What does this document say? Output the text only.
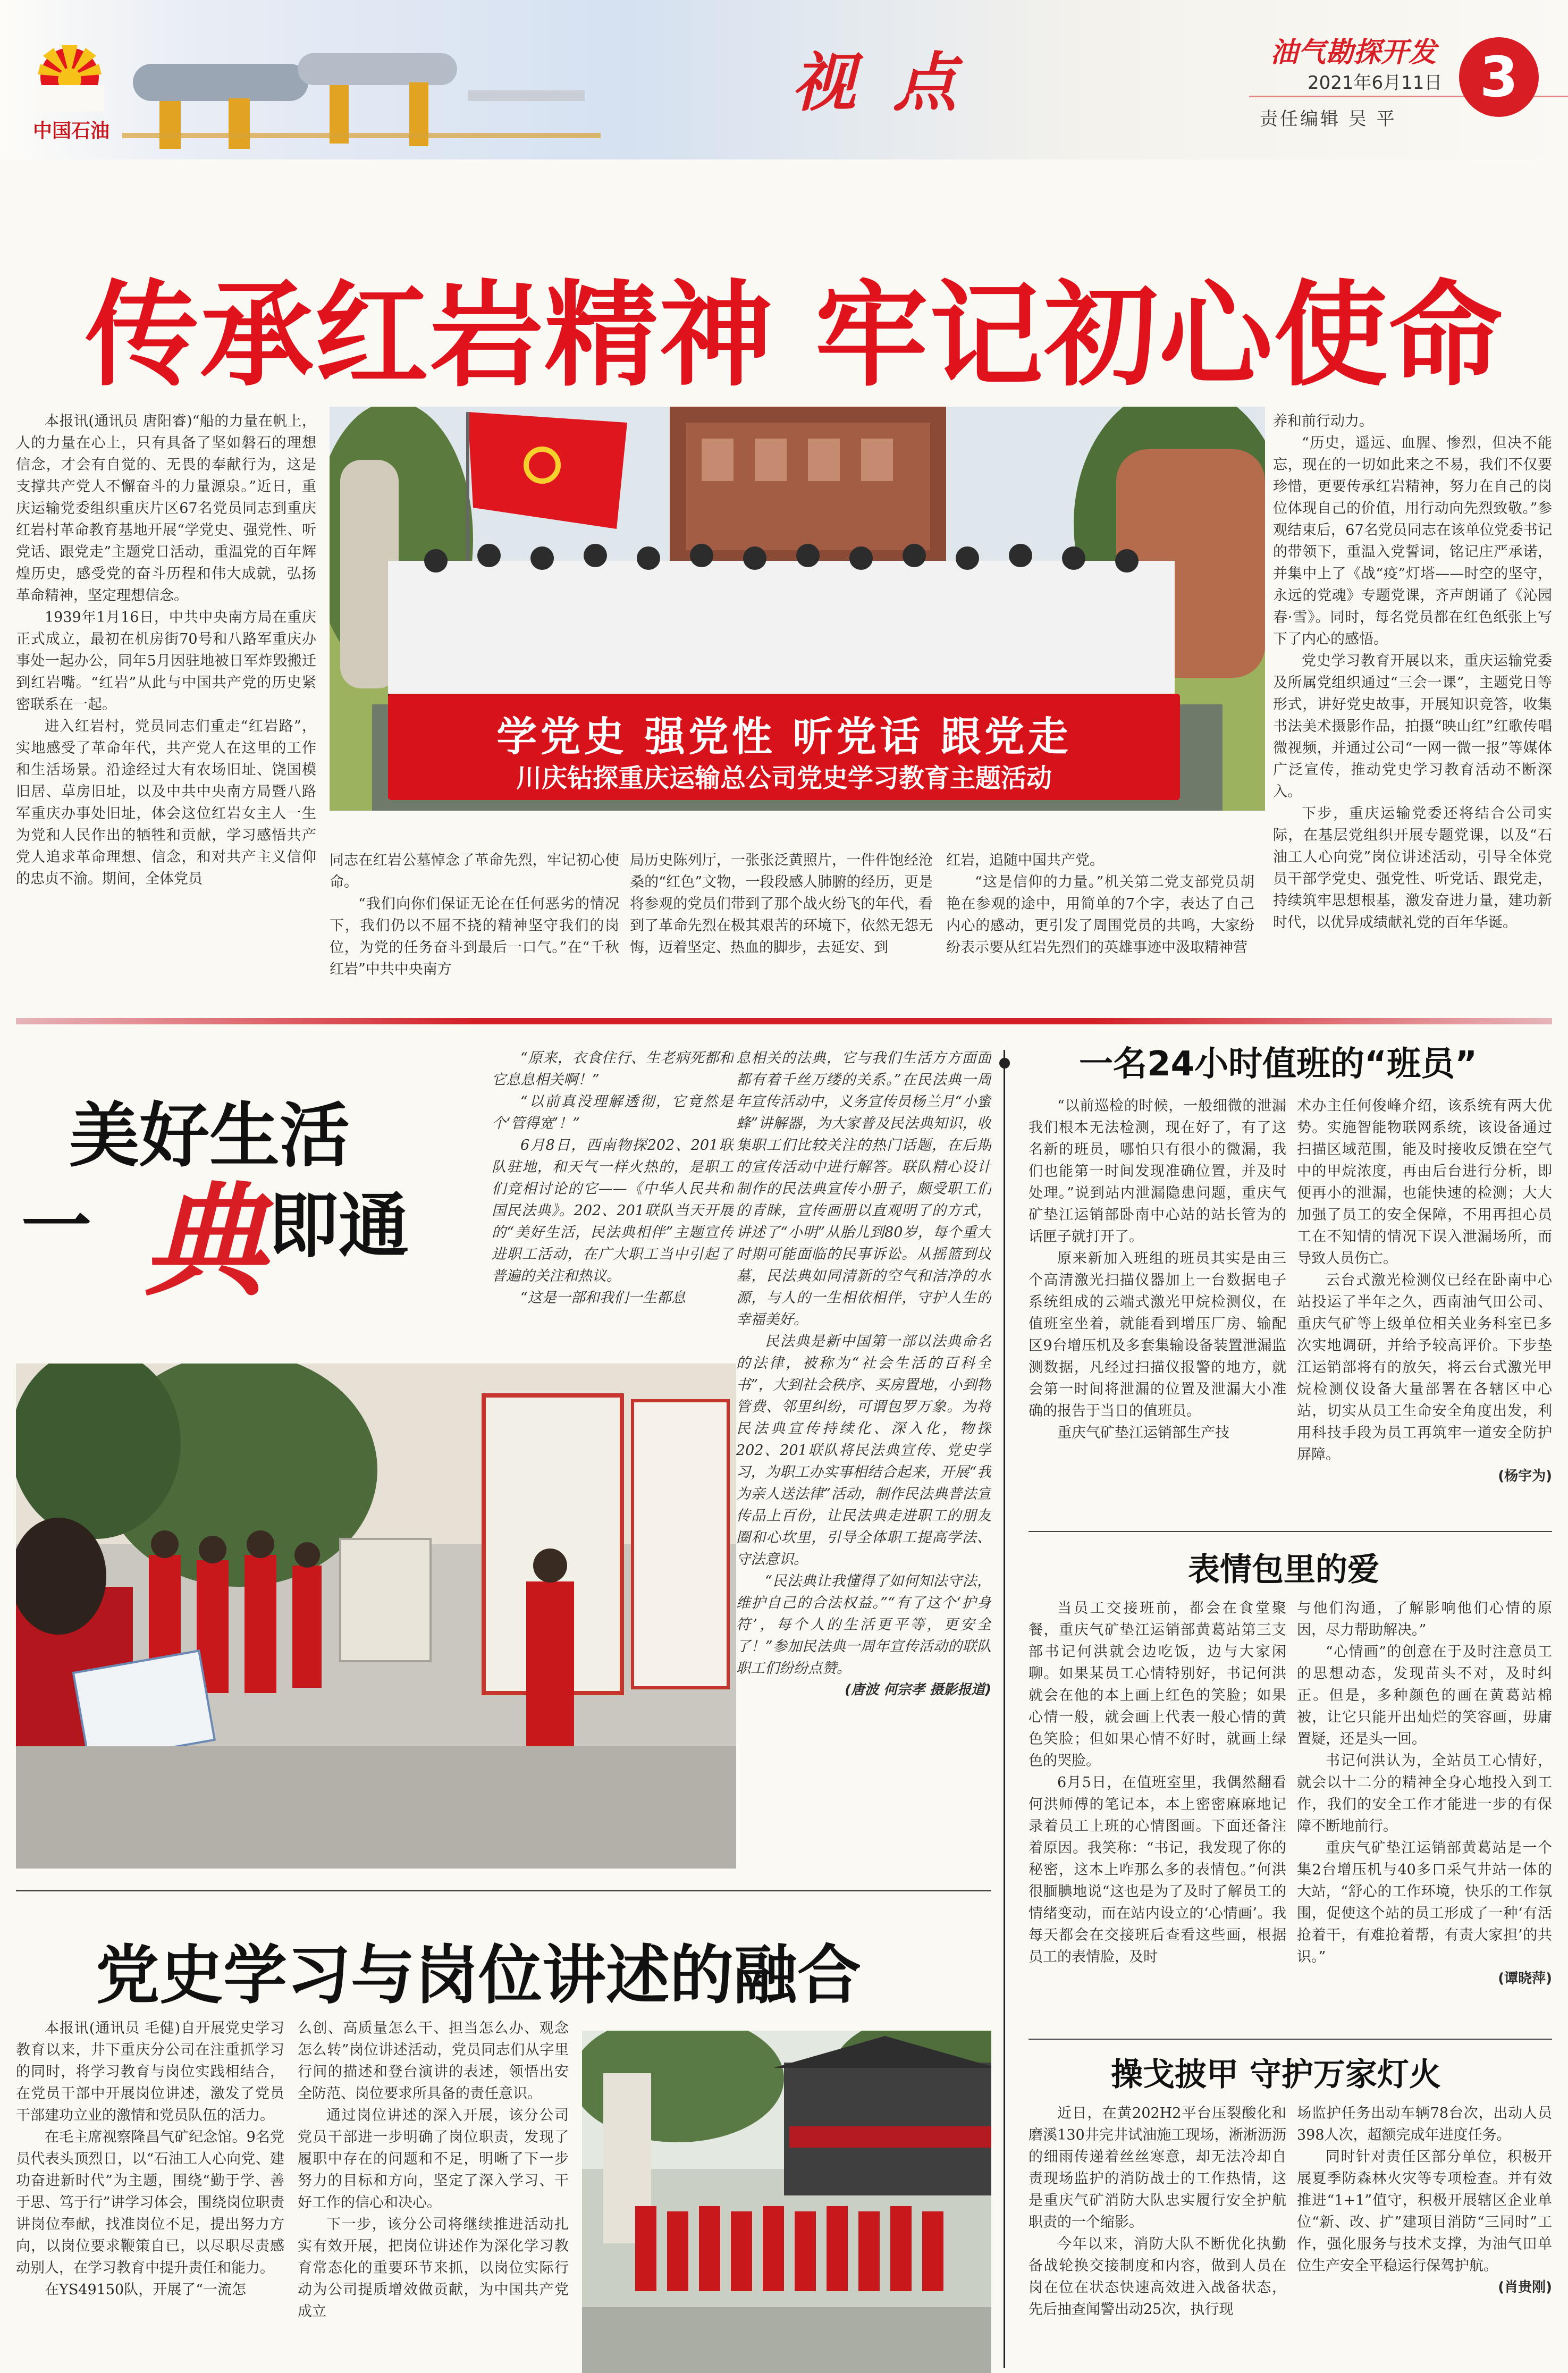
中国石油
视点	油气勘探开发
2021年6月11日
责任编辑 吴 平
3
传承红岩精神 牢记初心使命
学党史 强党性 听党话 跟党走
川庆钻探重庆运输总公司党史学习教育主题活动

本报讯(通讯员 唐阳睿)“船的力量在帆上，人的力量在心上，只有具备了坚如磐石的理想信念，才会有自觉的、无畏的奉献行为，这是支撑共产党人不懈奋斗的力量源泉。”近日，重庆运输党委组织重庆片区67名党员同志到重庆红岩村革命教育基地开展“学党史、强党性、听党话、跟党走”主题党日活动，重温党的百年辉煌历史，感受党的奋斗历程和伟大成就，弘扬革命精神，坚定理想信念。

1939年1月16日，中共中央南方局在重庆正式成立，最初在机房街70号和八路军重庆办事处一起办公，同年5月因驻地被日军炸毁搬迁到红岩嘴。“红岩”从此与中国共产党的历史紧密联系在一起。

进入红岩村，党员同志们重走“红岩路”，实地感受了革命年代，共产党人在这里的工作和生活场景。沿途经过大有农场旧址、饶国模旧居、草房旧址，以及中共中央南方局暨八路军重庆办事处旧址，体会这位红岩女主人一生为党和人民作出的牺牲和贡献，学习感悟共产党人追求革命理想、信念，和对共产主义信仰的忠贞不渝。期间，全体党员

同志在红岩公墓悼念了革命先烈，牢记初心使命。

“我们向你们保证无论在任何恶劣的情况下，我们仍以不屈不挠的精神坚守我们的岗位，为党的任务奋斗到最后一口气。”在“千秋红岩”中共中央南方

局历史陈列厅，一张张泛黄照片，一件件饱经沧桑的“红色”文物，一段段感人肺腑的经历，更是将参观的党员们带到了那个战火纷飞的年代，看到了革命先烈在极其艰苦的环境下，依然无怨无悔，迈着坚定、热血的脚步，去延安、到

红岩，追随中国共产党。

“这是信仰的力量。”机关第二党支部党员胡艳在参观的途中，用简单的7个字，表达了自己内心的感动，更引发了周围党员的共鸣，大家纷纷表示要从红岩先烈们的英雄事迹中汲取精神营

养和前行动力。

“历史，遥远、血腥、惨烈，但决不能忘，现在的一切如此来之不易，我们不仅要珍惜，更要传承红岩精神，努力在自己的岗位体现自己的价值，用行动向先烈致敬。”参观结束后，67名党员同志在该单位党委书记的带领下，重温入党誓词，铭记庄严承诺，并集中上了《战“疫”灯塔——时空的坚守，永远的党魂》专题党课，齐声朗诵了《沁园春·雪》。同时，每名党员都在红色纸张上写下了内心的感悟。

党史学习教育开展以来，重庆运输党委及所属党组织通过“三会一课”，主题党日等形式，讲好党史故事，开展知识竞答，收集书法美术摄影作品，拍摄“映山红”红歌传唱微视频，并通过公司“一网一微一报”等媒体广泛宣传，推动党史学习教育活动不断深入。

下步，重庆运输党委还将结合公司实际，在基层党组织开展专题党课，以及“石油工人心向党”岗位讲述活动，引导全体党员干部学党史、强党性、听党话、跟党走，持续筑牢思想根基，激发奋进力量，建功新时代，以优异成绩献礼党的百年华诞。

美好生活
一 典 即通

“原来，衣食住行、生老病死都和它息息相关啊！”

“以前真没理解透彻，它竟然是个‘管得宽’！”

6月8日，西南物探202、201联队驻地，和天气一样火热的，是职工们竞相讨论的它——《中华人民共和国民法典》。202、201联队当天开展的“美好生活，民法典相伴”主题宣传进职工活动，在广大职工当中引起了普遍的关注和热议。

“这是一部和我们一生都息

息相关的法典，它与我们生活方方面面都有着千丝万缕的关系。”在民法典一周年宣传活动中，义务宣传员杨兰月“小蜜蜂”讲解器，为大家普及民法典知识，收集职工们比较关注的热门话题，在后期的宣传活动中进行解答。联队精心设计制作的民法典宣传小册子，颇受职工们的青睐，宣传画册以直观明了的方式，讲述了“小明”从胎儿到80岁，每个重大时期可能面临的民事诉讼。从摇篮到坟墓，民法典如同清新的空气和洁净的水源，与人的一生相依相伴，守护人生的幸福美好。

民法典是新中国第一部以法典命名的法律，被称为“社会生活的百科全书”，大到社会秩序、买房置地，小到物管费、邻里纠纷，可谓包罗万象。为将民法典宣传持续化、深入化，物探202、201联队将民法典宣传、党史学习，为职工办实事相结合起来，开展“我为亲人送法律”活动，制作民法典普法宣传品上百份，让民法典走进职工的朋友圈和心坎里，引导全体职工提高学法、守法意识。

“民法典让我懂得了如何知法守法，维护自己的合法权益。”“有了这个‘护身符’，每个人的生活更平等，更安全了！”参加民法典一周年宣传活动的联队职工们纷纷点赞。

(唐波 何宗孝 摄影报道)

党史学习与岗位讲述的融合

本报讯(通讯员 毛健)自开展党史学习教育以来，井下重庆分公司在注重抓学习的同时，将学习教育与岗位实践相结合，在党员干部中开展岗位讲述，激发了党员干部建功立业的激情和党员队伍的活力。

在毛主席视察隆昌气矿纪念馆。9名党员代表头顶烈日，以“石油工人心向党、建功奋进新时代”为主题，围绕“勤于学、善于思、笃于行”讲学习体会，围绕岗位职责讲岗位奉献，找准岗位不足，提出努力方向，以岗位要求鞭策自已，以尽职尽责感动别人，在学习教育中提升责任和能力。

在YS49150队，开展了“一流怎

么创、高质量怎么干、担当怎么办、观念怎么转”岗位讲述活动，党员同志们从字里行间的描述和登台演讲的表述，领悟出安全防范、岗位要求所具备的责任意识。

通过岗位讲述的深入开展，该分公司党员干部进一步明确了岗位职责，发现了履职中存在的问题和不足，明晰了下一步努力的目标和方向，坚定了深入学习、干好工作的信心和决心。

下一步，该分公司将继续推进活动扎实有效开展，把岗位讲述作为深化学习教育常态化的重要环节来抓，以岗位实际行动为公司提质增效做贡献，为中国共产党成立

一名24小时值班的“班员”

“以前巡检的时候，一般细微的泄漏我们根本无法检测，现在好了，有了这名新的班员，哪怕只有很小的微漏，我们也能第一时间发现准确位置，并及时处理。”说到站内泄漏隐患问题，重庆气矿垫江运销部卧南中心站的站长管为的话匣子就打开了。

原来新加入班组的班员其实是由三个高清激光扫描仪器加上一台数据电子系统组成的云端式激光甲烷检测仪，在值班室坐着，就能看到增压厂房、输配区9台增压机及多套集输设备装置泄漏监测数据，凡经过扫描仪报警的地方，就会第一时间将泄漏的位置及泄漏大小准确的报告于当日的值班员。

重庆气矿垫江运销部生产技

术办主任何俊峰介绍，该系统有两大优势。实施智能物联网系统，该设备通过扫描区域范围，能及时接收反馈在空气中的甲烷浓度，再由后台进行分析，即便再小的泄漏，也能快速的检测；大大加强了员工的安全保障，不用再担心员工在不知情的情况下误入泄漏场所，而导致人员伤亡。

云台式激光检测仪已经在卧南中心站投运了半年之久，西南油气田公司、重庆气矿等上级单位相关业务科室已多次实地调研，并给予较高评价。下步垫江运销部将有的放矢，将云台式激光甲烷检测仪设备大量部署在各辖区中心站，切实从员工生命安全角度出发，利用科技手段为员工再筑牢一道安全防护屏障。

(杨宇为)

表情包里的爱

当员工交接班前，都会在食堂聚餐，重庆气矿垫江运销部黄葛站第三支部书记何洪就会边吃饭，边与大家闲聊。如果某员工心情特别好，书记何洪就会在他的本上画上红色的笑脸；如果心情一般，就会画上代表一般心情的黄色笑脸；但如果心情不好时，就画上绿色的哭脸。

6月5日，在值班室里，我偶然翻看何洪师傅的笔记本，本上密密麻麻地记录着员工上班的心情图画。下面还备注着原因。我笑称：“书记，我发现了你的秘密，这本上咋那么多的表情包。”何洪很腼腆地说“这也是为了及时了解员工的情绪变动，而在站内设立的‘心情画’。我每天都会在交接班后查看这些画，根据员工的表情脸，及时

与他们沟通，了解影响他们心情的原因，尽力帮助解决。”

“心情画”的创意在于及时注意员工的思想动态，发现苗头不对，及时纠正。但是，多种颜色的画在黄葛站棉被，让它只能开出灿烂的笑容画，毋庸置疑，还是头一回。

书记何洪认为，全站员工心情好，就会以十二分的精神全身心地投入到工作，我们的安全工作才能进一步的有保障不断地前行。

重庆气矿垫江运销部黄葛站是一个集2台增压机与40多口采气井站一体的大站，“舒心的工作环境，快乐的工作氛围，促使这个站的员工形成了一种‘有活抢着干，有难抢着帮，有责大家担’的共识。”

(谭晓萍)

操戈披甲 守护万家灯火

近日，在黄202H2平台压裂酸化和磨溪130井完井试油施工现场，淅淅沥沥的细雨传递着丝丝寒意，却无法冷却自责现场监护的消防战士的工作热情，这是重庆气矿消防大队忠实履行安全护航职责的一个缩影。

今年以来，消防大队不断优化执勤备战轮换交接制度和内容，做到人员在岗在位在状态快速高效进入战备状态，先后抽查闻警出动25次，执行现

场监护任务出动车辆78台次，出动人员398人次，超额完成年进度任务。

同时针对责任区部分单位，积极开展夏季防森林火灾等专项检查。并有效推进“1+1”值守，积极开展辖区企业单位“新、改、扩”建项目消防“三同时”工作，强化服务与技术支撑，为油气田单位生产安全平稳运行保驾护航。

(肖贵刚)
